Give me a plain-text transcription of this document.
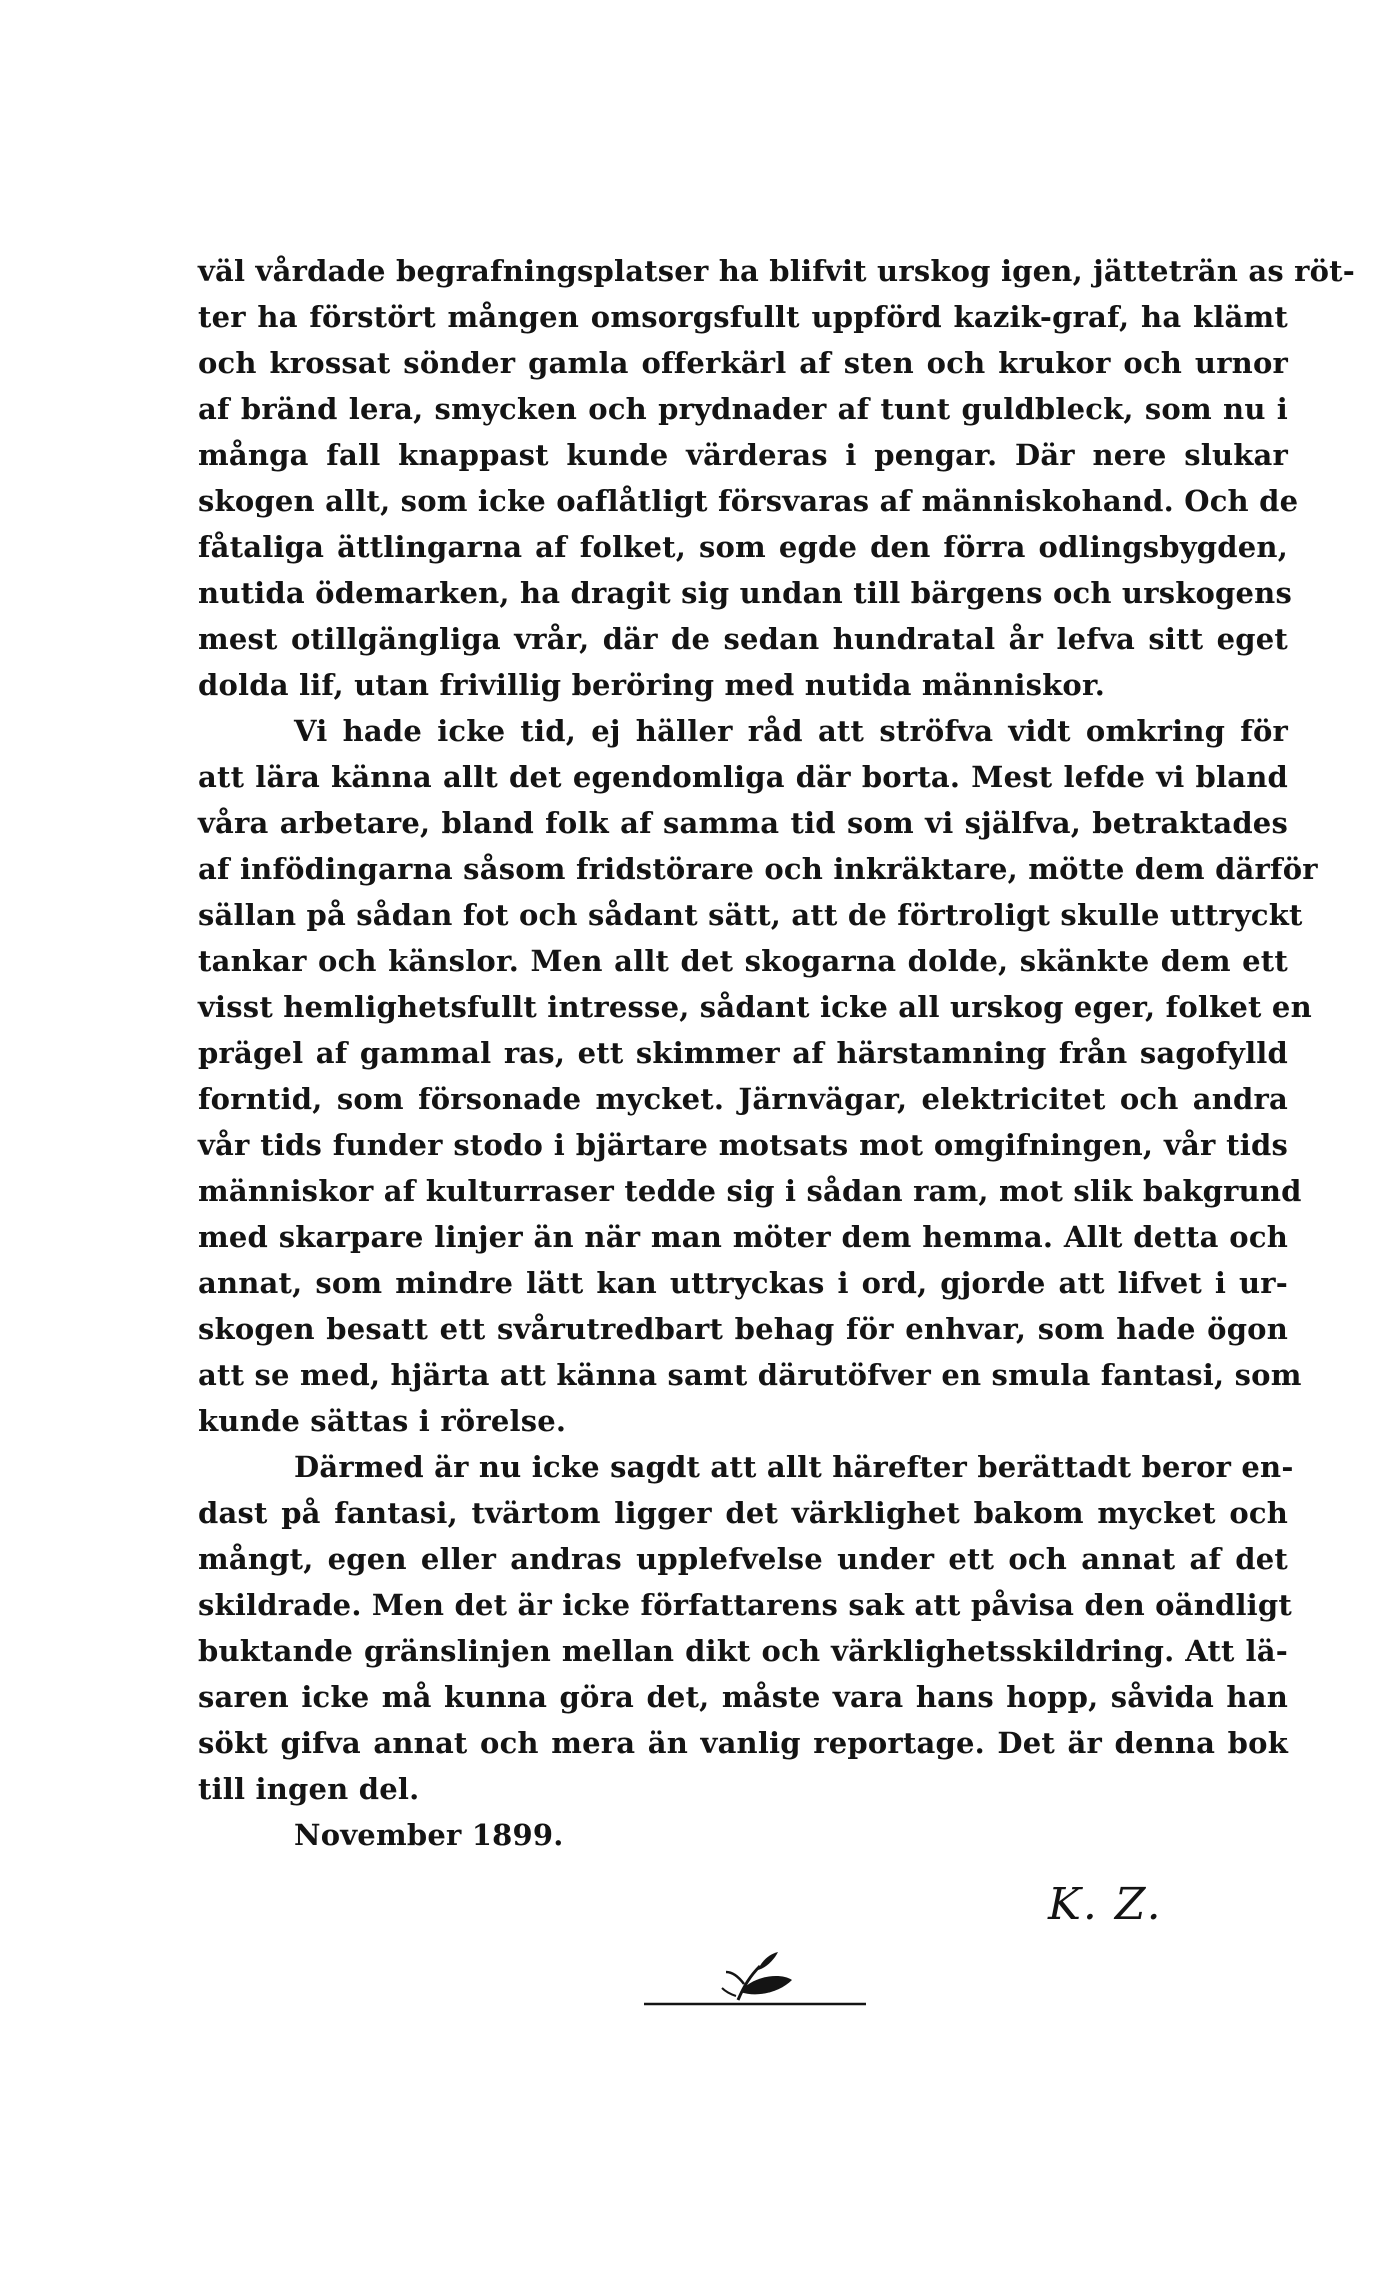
väl vårdade begrafningsplatser ha blifvit urskog igen, jätteträn as röt-
ter ha förstört mången omsorgsfullt uppförd kazik-graf, ha klämt
och krossat sönder gamla offerkärl af sten och krukor och urnor
af bränd lera, smycken och prydnader af tunt guldbleck, som nu i
många fall knappast kunde värderas i pengar. Där nere slukar
skogen allt, som icke oaflåtligt försvaras af människohand. Och de
fåtaliga ättlingarna af folket, som egde den förra odlingsbygden,
nutida ödemarken, ha dragit sig undan till bärgens och urskogens
mest otillgängliga vrår, där de sedan hundratal år lefva sitt eget
dolda lif, utan frivillig beröring med nutida människor.
Vi hade icke tid, ej häller råd att ströfva vidt omkring för
att lära känna allt det egendomliga där borta. Mest lefde vi bland
våra arbetare, bland folk af samma tid som vi själfva, betraktades
af infödingarna såsom fridstörare och inkräktare, mötte dem därför
sällan på sådan fot och sådant sätt, att de förtroligt skulle uttryckt
tankar och känslor. Men allt det skogarna dolde, skänkte dem ett
visst hemlighetsfullt intresse, sådant icke all urskog eger, folket en
prägel af gammal ras, ett skimmer af härstamning från sagofylld
forntid, som försonade mycket. Järnvägar, elektricitet och andra
vår tids funder stodo i bjärtare motsats mot omgifningen, vår tids
människor af kulturraser tedde sig i sådan ram, mot slik bakgrund
med skarpare linjer än när man möter dem hemma. Allt detta och
annat, som mindre lätt kan uttryckas i ord, gjorde att lifvet i ur-
skogen besatt ett svårutredbart behag för enhvar, som hade ögon
att se med, hjärta att känna samt därutöfver en smula fantasi, som
kunde sättas i rörelse.
Därmed är nu icke sagdt att allt härefter berättadt beror en-
dast på fantasi, tvärtom ligger det värklighet bakom mycket och
mångt, egen eller andras upplefvelse under ett och annat af det
skildrade. Men det är icke författarens sak att påvisa den oändligt
buktande gränslinjen mellan dikt och värklighetsskildring. Att lä-
saren icke må kunna göra det, måste vara hans hopp, såvida han
sökt gifva annat och mera än vanlig reportage. Det är denna bok
till ingen del.
November 1899.
K. Z.
